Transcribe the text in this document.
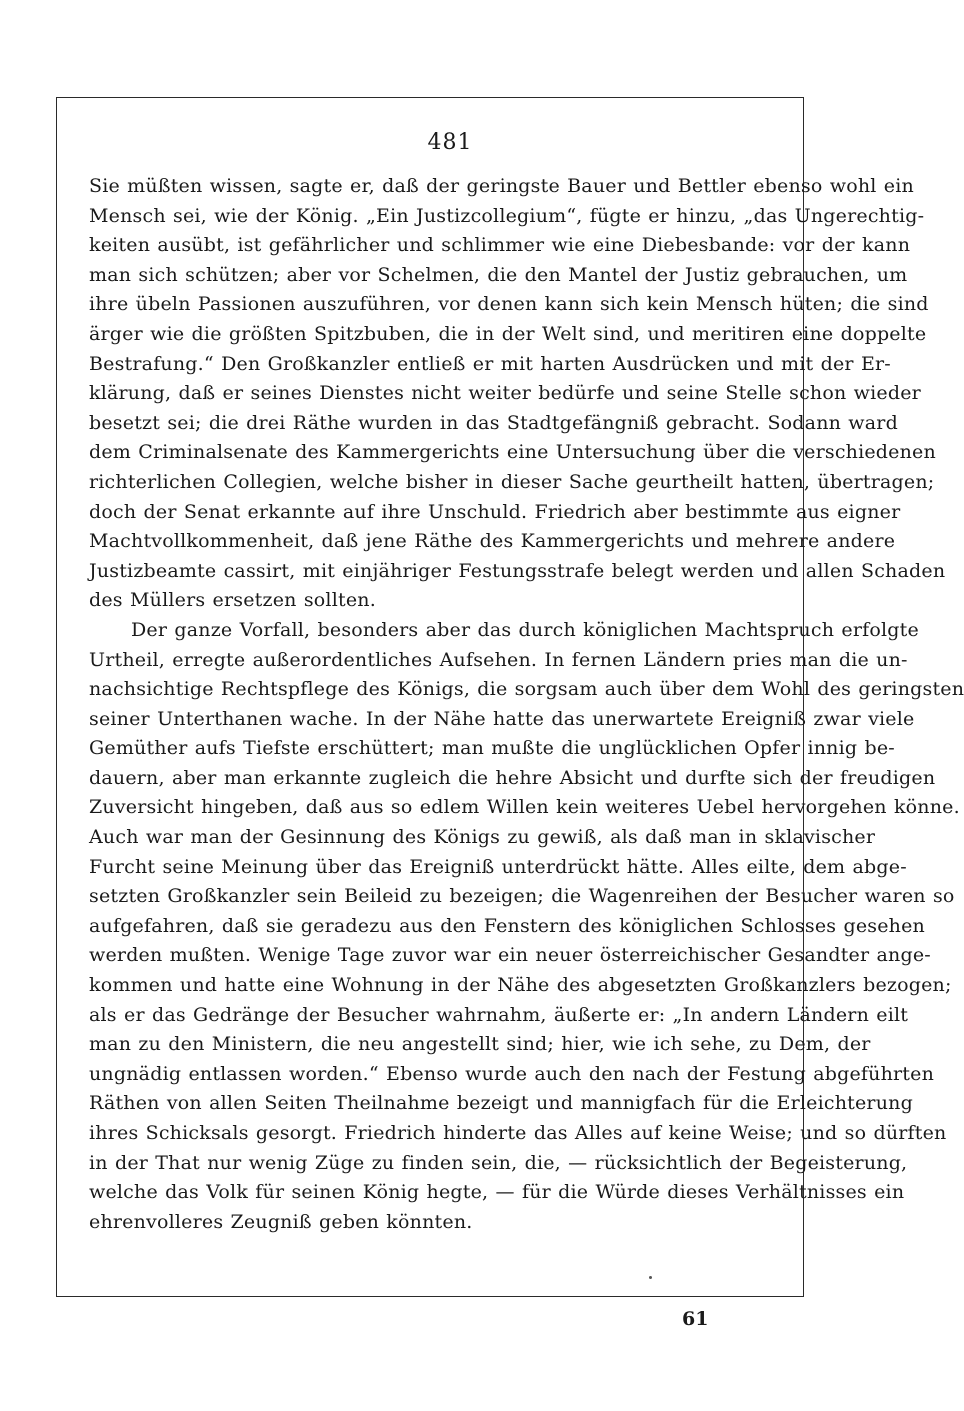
481

Sie müßten wissen, sagte er, daß der geringste Bauer und Bettler ebenso wohl ein
Mensch sei, wie der König. „Ein Justizcollegium“, fügte er hinzu, „das Ungerechtig-
keiten ausübt, ist gefährlicher und schlimmer wie eine Diebesbande: vor der kann
man sich schützen; aber vor Schelmen, die den Mantel der Justiz gebrauchen, um
ihre übeln Passionen auszuführen, vor denen kann sich kein Mensch hüten; die sind
ärger wie die größten Spitzbuben, die in der Welt sind, und meritiren eine doppelte
Bestrafung.“ Den Großkanzler entließ er mit harten Ausdrücken und mit der Er-
klärung, daß er seines Dienstes nicht weiter bedürfe und seine Stelle schon wieder
besetzt sei; die drei Räthe wurden in das Stadtgefängniß gebracht. Sodann ward
dem Criminalsenate des Kammergerichts eine Untersuchung über die verschiedenen
richterlichen Collegien, welche bisher in dieser Sache geurtheilt hatten, übertragen;
doch der Senat erkannte auf ihre Unschuld. Friedrich aber bestimmte aus eigner
Machtvollkommenheit, daß jene Räthe des Kammergerichts und mehrere andere
Justizbeamte cassirt, mit einjähriger Festungsstrafe belegt werden und allen Schaden
des Müllers ersetzen sollten.

Der ganze Vorfall, besonders aber das durch königlichen Machtspruch erfolgte
Urtheil, erregte außerordentliches Aufsehen. In fernen Ländern pries man die un-
nachsichtige Rechtspflege des Königs, die sorgsam auch über dem Wohl des geringsten
seiner Unterthanen wache. In der Nähe hatte das unerwartete Ereigniß zwar viele
Gemüther aufs Tiefste erschüttert; man mußte die unglücklichen Opfer innig be-
dauern, aber man erkannte zugleich die hehre Absicht und durfte sich der freudigen
Zuversicht hingeben, daß aus so edlem Willen kein weiteres Uebel hervorgehen könne.
Auch war man der Gesinnung des Königs zu gewiß, als daß man in sklavischer
Furcht seine Meinung über das Ereigniß unterdrückt hätte. Alles eilte, dem abge-
setzten Großkanzler sein Beileid zu bezeigen; die Wagenreihen der Besucher waren so
aufgefahren, daß sie geradezu aus den Fenstern des königlichen Schlosses gesehen
werden mußten. Wenige Tage zuvor war ein neuer österreichischer Gesandter ange-
kommen und hatte eine Wohnung in der Nähe des abgesetzten Großkanzlers bezogen;
als er das Gedränge der Besucher wahrnahm, äußerte er: „In andern Ländern eilt
man zu den Ministern, die neu angestellt sind; hier, wie ich sehe, zu Dem, der
ungnädig entlassen worden.“ Ebenso wurde auch den nach der Festung abgeführten
Räthen von allen Seiten Theilnahme bezeigt und mannigfach für die Erleichterung
ihres Schicksals gesorgt. Friedrich hinderte das Alles auf keine Weise; und so dürften
in der That nur wenig Züge zu finden sein, die, — rücksichtlich der Begeisterung,
welche das Volk für seinen König hegte, — für die Würde dieses Verhältnisses ein
ehrenvolleres Zeugniß geben könnten.

61
